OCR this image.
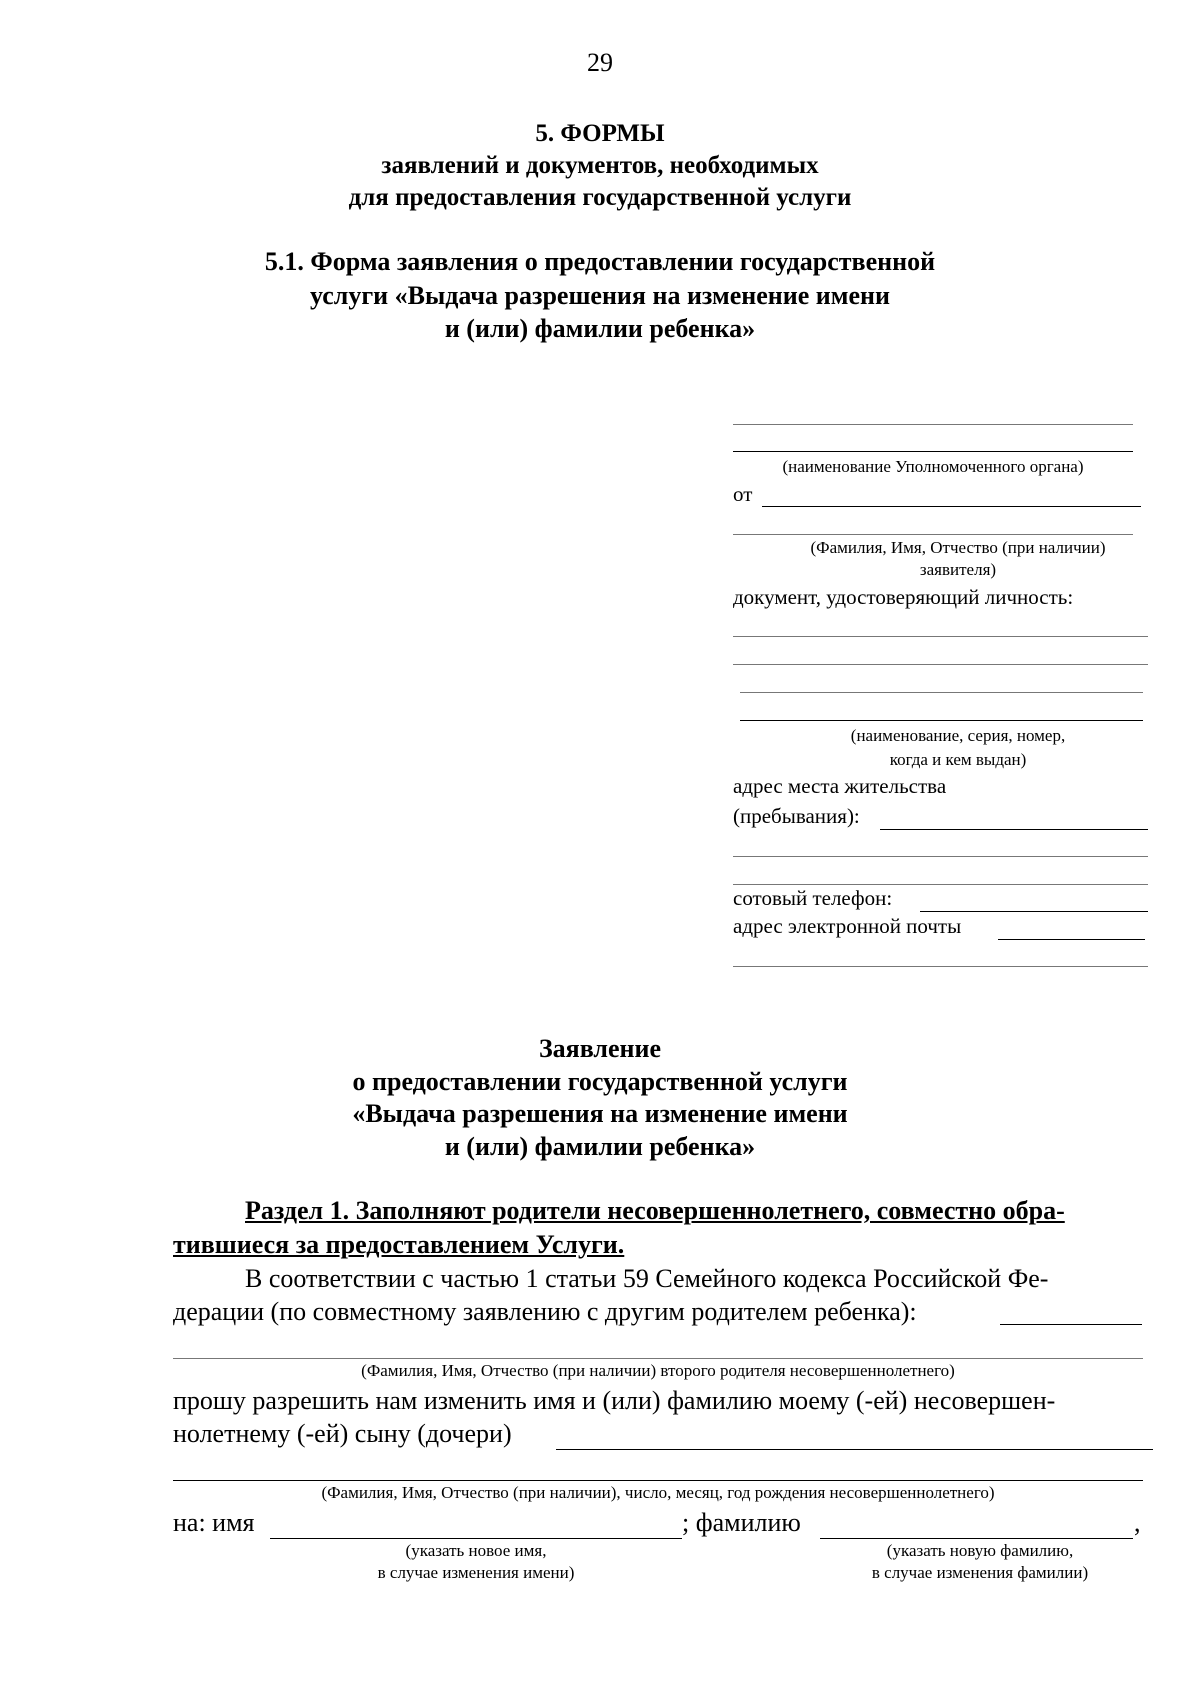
29
5. ФОРМЫ
заявлений и документов, необходимых
для предоставления государственной услуги
5.1. Форма заявления о предоставлении государственной
услуги «Выдача разрешения на изменение имени
и (или) фамилии ребенка»
(наименование Уполномоченного органа)
от
(Фамилия, Имя, Отчество (при наличии)
заявителя)
документ, удостоверяющий личность:
(наименование, серия, номер,
когда и кем выдан)
адрес места жительства
(пребывания):
сотовый телефон:
адрес электронной почты
Заявление
о предоставлении государственной услуги
«Выдача разрешения на изменение имени
и (или) фамилии ребенка»
Раздел 1. Заполняют родители несовершеннолетнего, совместно обра-
тившиеся за предоставлением Услуги.
В соответствии с частью 1 статьи 59 Семейного кодекса Российской Фе-
дерации (по совместному заявлению с другим родителем ребенка):
(Фамилия, Имя, Отчество (при наличии) второго родителя несовершеннолетнего)
прошу разрешить нам изменить имя и (или) фамилию моему (-ей) несовершен-
нолетнему (-ей) сыну (дочери)
(Фамилия, Имя, Отчество (при наличии), число, месяц, год рождения несовершеннолетнего)
на: имя	; фамилию	,
(указать новое имя,
в случае изменения имени)
(указать новую фамилию,
в случае изменения фамилии)
